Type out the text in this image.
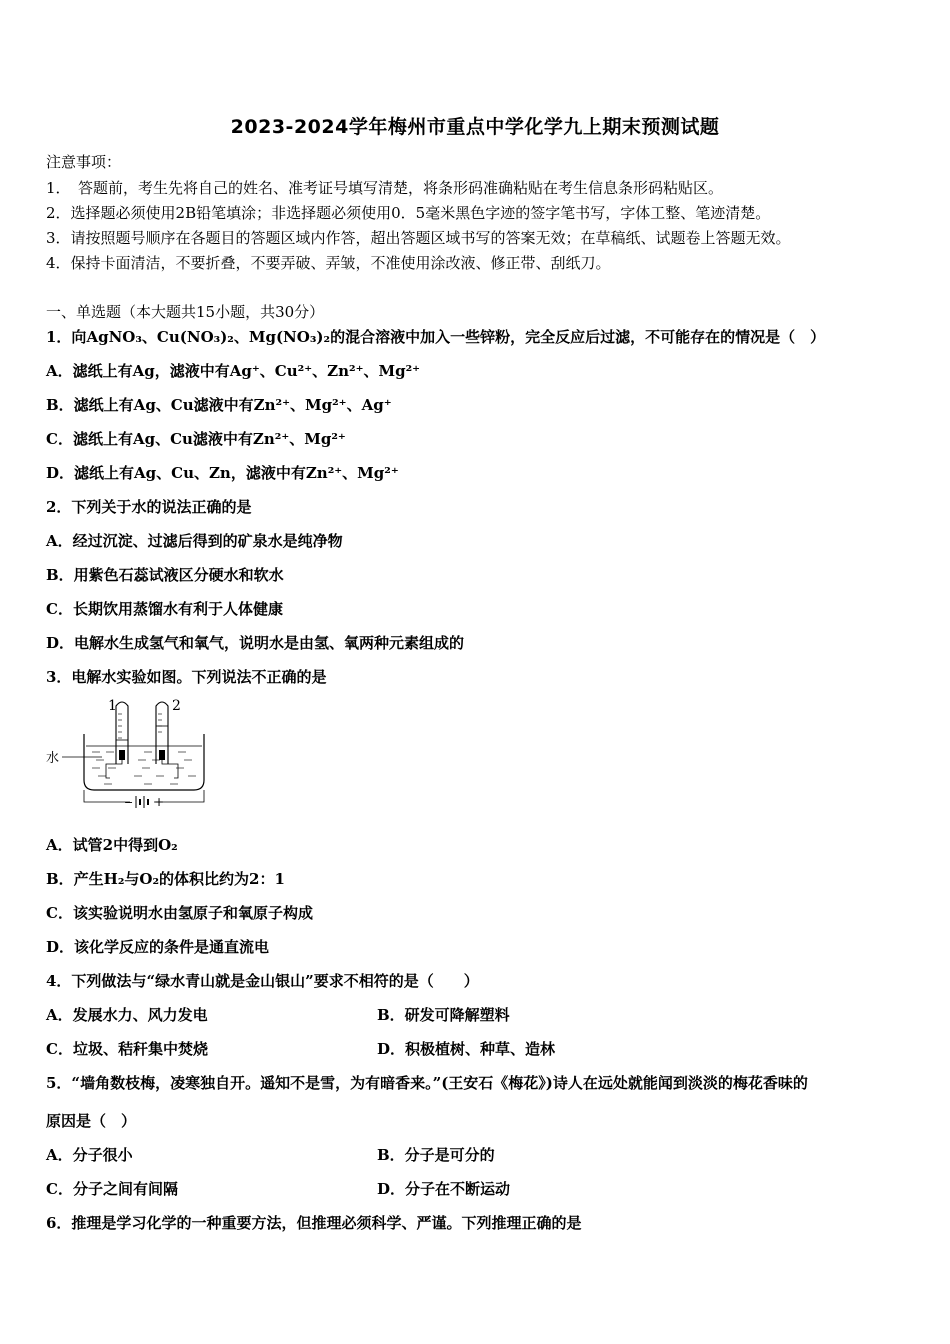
2023-2024学年梅州市重点中学化学九上期末预测试题
注意事项：
1．　答题前，考生先将自己的姓名、准考证号填写清楚，将条形码准确粘贴在考生信息条形码粘贴区。
2．选择题必须使用2B铅笔填涂；非选择题必须使用0．5毫米黑色字迹的签字笔书写，字体工整、笔迹清楚。
3．请按照题号顺序在各题目的答题区域内作答，超出答题区域书写的答案无效；在草稿纸、试题卷上答题无效。
4．保持卡面清洁，不要折叠，不要弄破、弄皱，不准使用涂改液、修正带、刮纸刀。
一、单选题（本大题共15小题，共30分）
1．向AgNO₃、Cu(NO₃)₂、Mg(NO₃)₂的混合溶液中加入一些锌粉，完全反应后过滤，不可能存在的情况是（　）
A．滤纸上有Ag，滤液中有Ag⁺、Cu²⁺、Zn²⁺、Mg²⁺
B．滤纸上有Ag、Cu滤液中有Zn²⁺、Mg²⁺、Ag⁺
C．滤纸上有Ag、Cu滤液中有Zn²⁺、Mg²⁺
D．滤纸上有Ag、Cu、Zn，滤液中有Zn²⁺、Mg²⁺
2．下列关于水的说法正确的是
A．经过沉淀、过滤后得到的矿泉水是纯净物
B．用紫色石蕊试液区分硬水和软水
C．长期饮用蒸馏水有利于人体健康
D．电解水生成氢气和氧气，说明水是由氢、氧两种元素组成的
3．电解水实验如图。下列说法不正确的是
− +
1	2
水
A．试管2中得到O₂
B．产生H₂与O₂的体积比约为2：1
C．该实验说明水由氢原子和氧原子构成
D．该化学反应的条件是通直流电
4．下列做法与“绿水青山就是金山银山”要求不相符的是（　　）
A．发展水力、风力发电	B．研发可降解塑料
C．垃圾、秸秆集中焚烧	D．积极植树、种草、造林
5．“墙角数枝梅，凌寒独自开。遥知不是雪，为有暗香来。”(王安石《梅花》)诗人在远处就能闻到淡淡的梅花香味的
原因是（　）
A．分子很小	B．分子是可分的
C．分子之间有间隔	D．分子在不断运动
6．推理是学习化学的一种重要方法，但推理必须科学、严谨。下列推理正确的是
